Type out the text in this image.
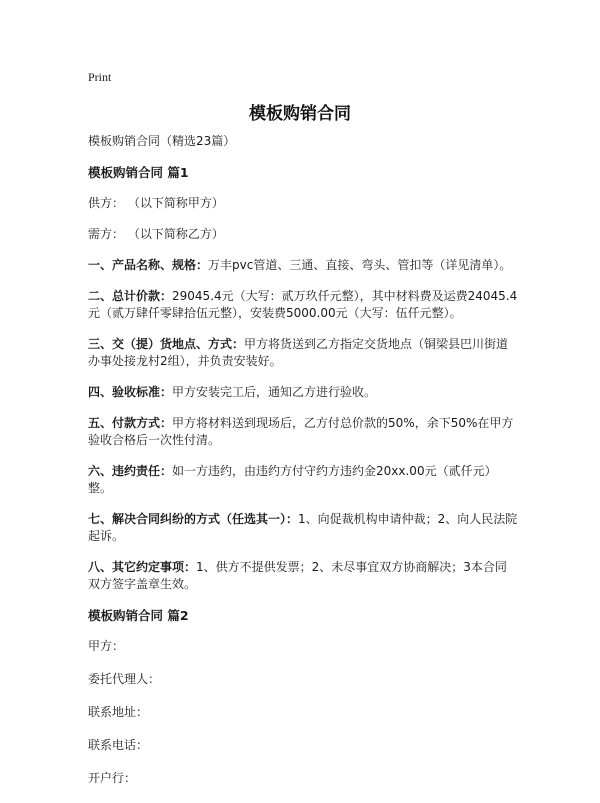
Print
模板购销合同

模板购销合同（精选23篇）

模板购销合同 篇1

供方： （以下简称甲方）

需方： （以下简称乙方）

一、产品名称、规格：万丰pvc管道、三通、直接、弯头、管扣等（详见清单）。

二、总计价款：29045.4元（大写：贰万玖仟元整），其中材料费及运费24045.4元（贰万肆仟零肆拾伍元整），安装费5000.00元（大写：伍仟元整）。

三、交（提）货地点、方式：甲方将货送到乙方指定交货地点（铜梁县巴川街道办事处接龙村2组），并负责安装好。

四、验收标准：甲方安装完工后，通知乙方进行验收。

五、付款方式：甲方将材料送到现场后，乙方付总价款的50%，余下50%在甲方验收合格后一次性付清。

六、违约责任：如一方违约，由违约方付守约方违约金20xx.00元（贰仟元）整。

七、解决合同纠纷的方式（任选其一）：1、向促裁机构申请仲裁；2、向人民法院起诉。

八、其它约定事项：1、供方不提供发票；2、未尽事宜双方协商解决；3本合同双方签字盖章生效。

模板购销合同 篇2

甲方：

委托代理人：

联系地址：

联系电话：

开户行：
